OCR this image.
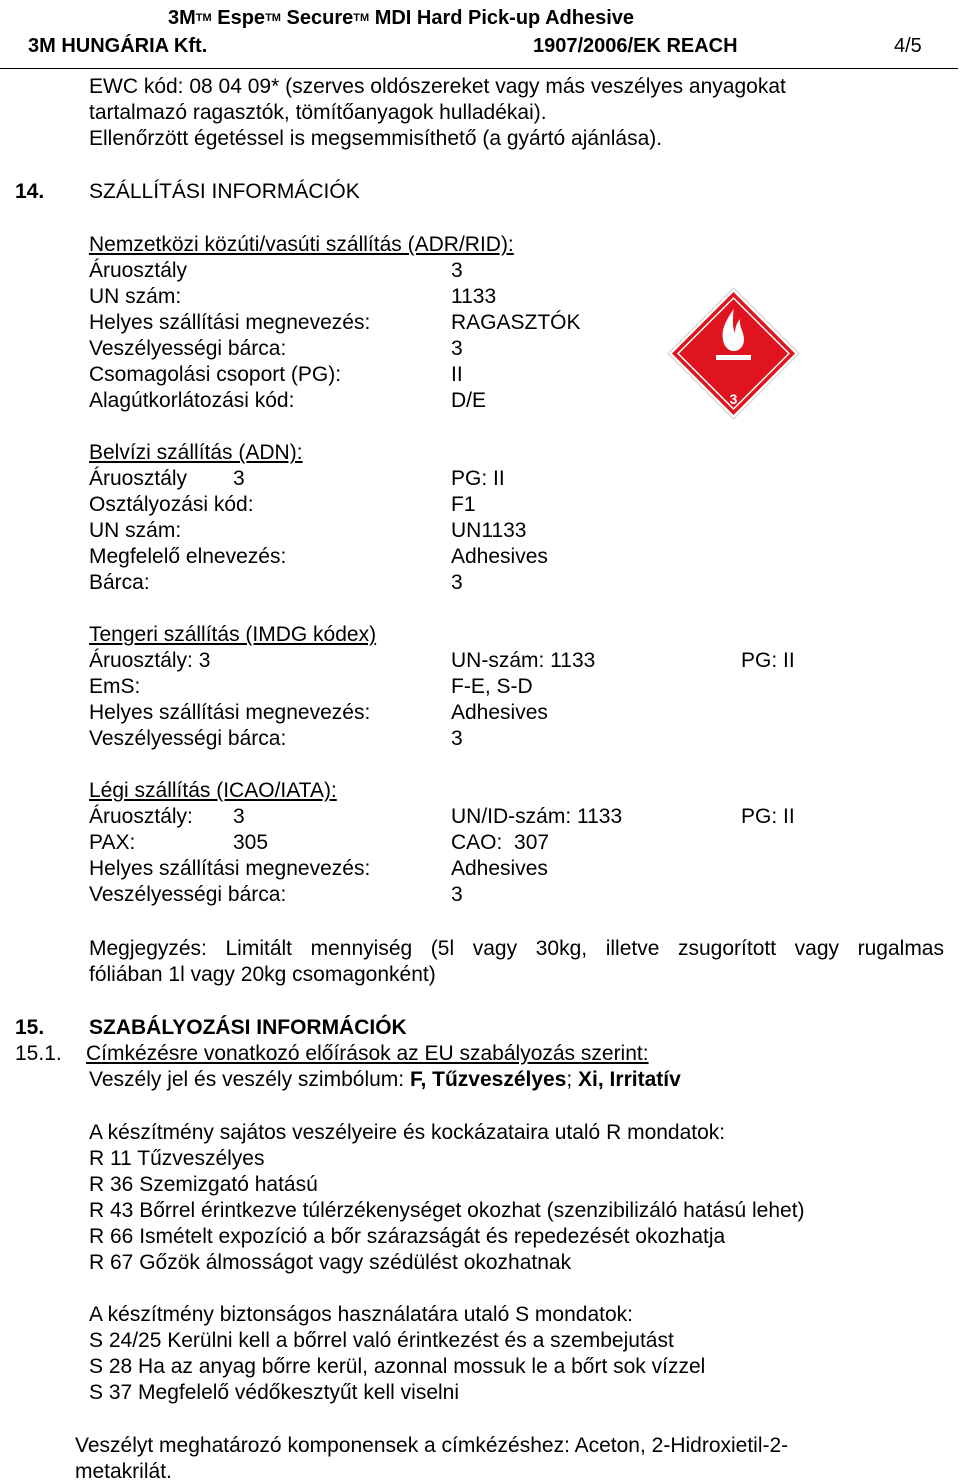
3M™ Espe™ Secure™ MDI Hard Pick-up Adhesive
3M HUNGÁRIA Kft.	1907/2006/EK REACH	4/5
EWC kód: 08 04 09* (szerves oldószereket vagy más veszélyes anyagokat
tartalmazó ragasztók, tömítőanyagok hulladékai).
Ellenőrzött égetéssel is megsemmisíthető (a gyártó ajánlása).
14. SZÁLLÍTÁSI INFORMÁCIÓK
Nemzetközi közúti/vasúti szállítás (ADR/RID):
Áruosztály	3
UN szám:	1133
Helyes szállítási megnevezés:	RAGASZTÓK
Veszélyességi bárca:	3
Csomagolási csoport (PG):	II
Alagútkorlátozási kód:	D/E	3
Belvízi szállítás (ADN):
Áruosztály 3	PG: II
Osztályozási kód:	F1
UN szám:	UN1133
Megfelelő elnevezés:	Adhesives
Bárca:	3
Tengeri szállítás (IMDG kódex)
Áruosztály: 3	UN-szám: 1133	PG: II
EmS:	F-E, S-D
Helyes szállítási megnevezés:	Adhesives
Veszélyességi bárca:	3
Légi szállítás (ICAO/IATA):
Áruosztály: 3	UN/ID-szám: 1133	PG: II
PAX:	305	CAO:  307
Helyes szállítási megnevezés:	Adhesives
Veszélyességi bárca:	3
Megjegyzés: Limitált mennyiség (5l vagy 30kg, illetve zsugorított vagy rugalmas
fóliában 1l vagy 20kg csomagonként)
15. SZABÁLYOZÁSI INFORMÁCIÓK
15.1. Címkézésre vonatkozó előírások az EU szabályozás szerint:
Veszély jel és veszély szimbólum: F, Tűzveszélyes; Xi, Irritatív
A készítmény sajátos veszélyeire és kockázataira utaló R mondatok:
R 11 Tűzveszélyes
R 36 Szemizgató hatású
R 43 Bőrrel érintkezve túlérzékenységet okozhat (szenzibilizáló hatású lehet)
R 66 Ismételt expozíció a bőr szárazságát és repedezését okozhatja
R 67 Gőzök álmosságot vagy szédülést okozhatnak
A készítmény biztonságos használatára utaló S mondatok:
S 24/25 Kerülni kell a bőrrel való érintkezést és a szembejutást
S 28 Ha az anyag bőrre kerül, azonnal mossuk le a bőrt sok vízzel
S 37 Megfelelő védőkesztyűt kell viselni
Veszélyt meghatározó komponensek a címkézéshez: Aceton, 2-Hidroxietil-2-
metakrilát.
